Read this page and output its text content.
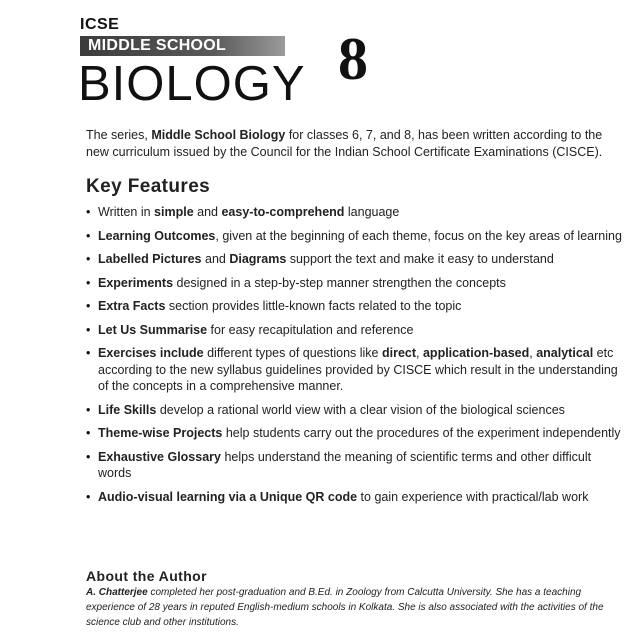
ICSE
MIDDLE SCHOOL
BIOLOGY 8

The series, Middle School Biology for classes 6, 7, and 8, has been written according to the new curriculum issued by the Council for the Indian School Certificate Examinations (CISCE).

Key Features
• Written in simple and easy-to-comprehend language
• Learning Outcomes, given at the beginning of each theme, focus on the key areas of learning
• Labelled Pictures and Diagrams support the text and make it easy to understand
• Experiments designed in a step-by-step manner strengthen the concepts
• Extra Facts section provides little-known facts related to the topic
• Let Us Summarise for easy recapitulation and reference
• Exercises include different types of questions like direct, application-based, analytical etc according to the new syllabus guidelines provided by CISCE which result in the understanding of the concepts in a comprehensive manner.
• Life Skills develop a rational world view with a clear vision of the biological sciences
• Theme-wise Projects help students carry out the procedures of the experiment independently
• Exhaustive Glossary helps understand the meaning of scientific terms and other difficult words
• Audio-visual learning via a Unique QR code to gain experience with practical/lab work
About the Author

A. Chatterjee completed her post-graduation and B.Ed. in Zoology from Calcutta University. She has a teaching experience of 28 years in reputed English-medium schools in Kolkata. She is also associated with the activities of the science club and other institutions.
